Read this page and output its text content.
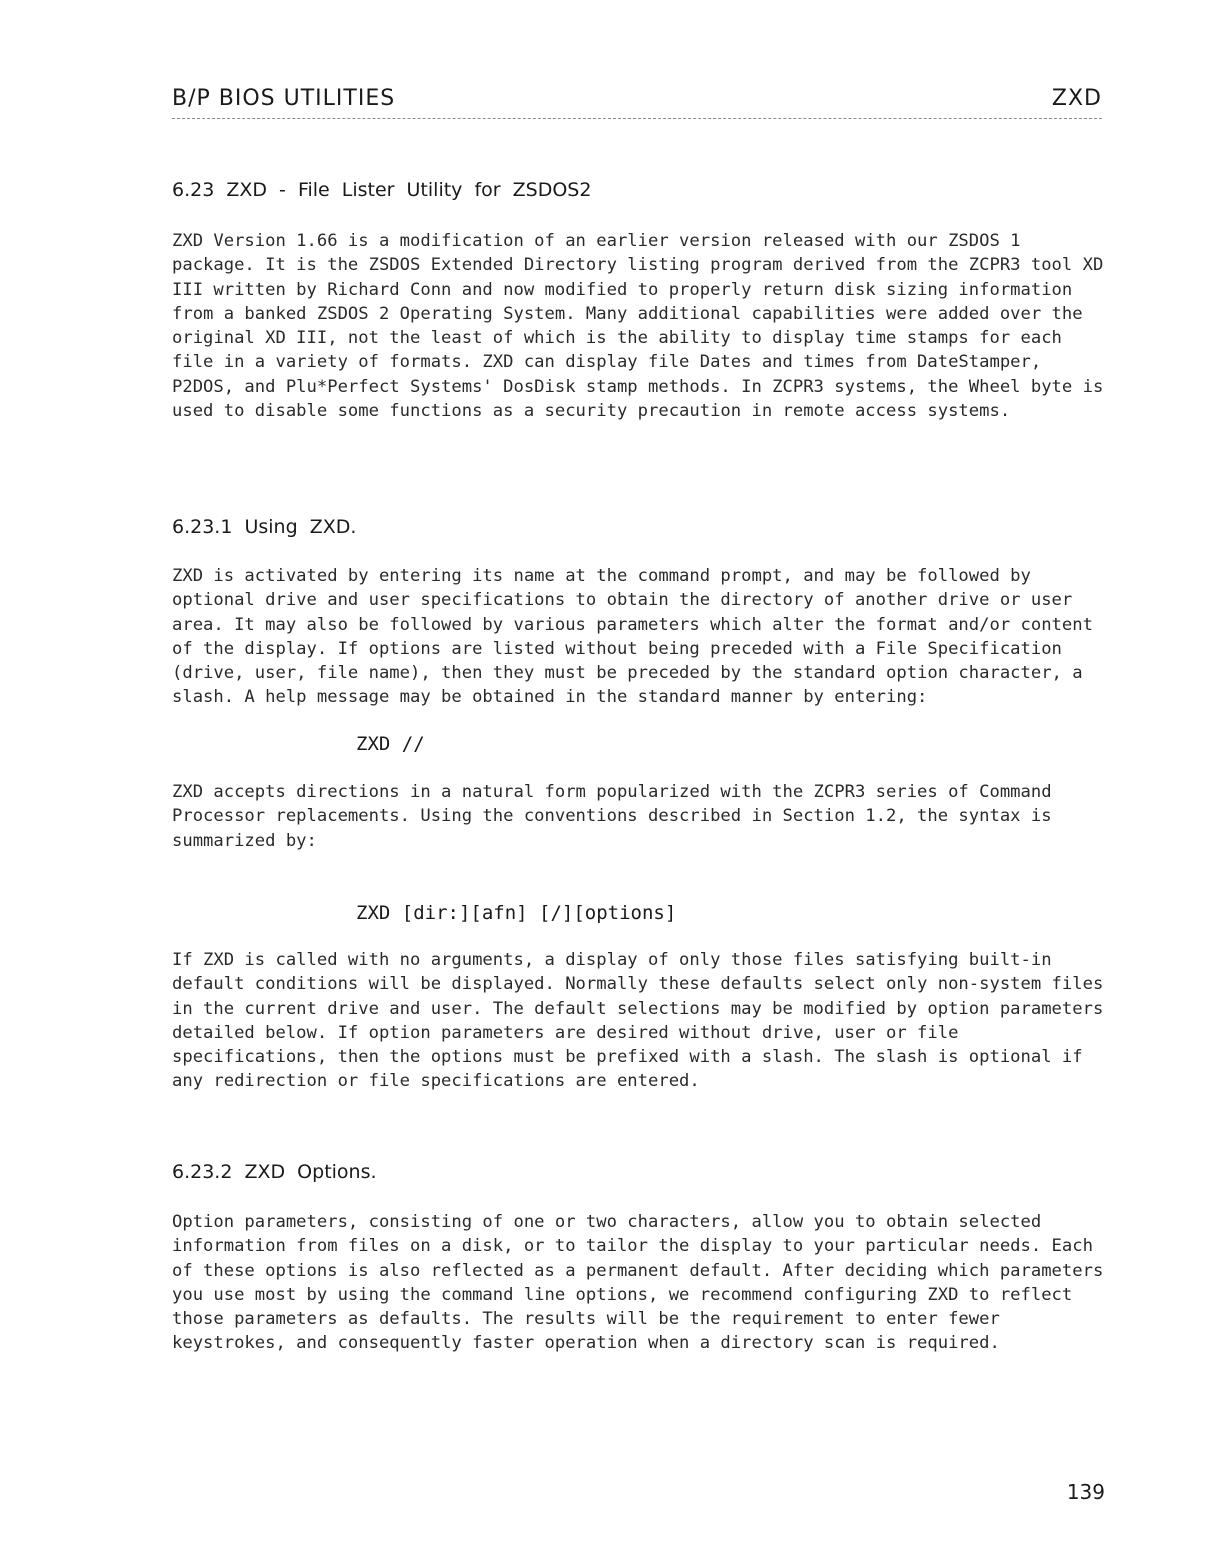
B/P BIOS UTILITIES	ZXD
6.23 ZXD - File Lister Utility for ZSDOS2
ZXD Version 1.66 is a modification of an earlier version released with our ZSDOS 1 package. It is the ZSDOS Extended Directory listing program derived from the ZCPR3 tool XD III written by Richard Conn and now modified to properly return disk sizing information from a banked ZSDOS 2 Operating System. Many additional capabilities were added over the original XD III, not the least of which is the ability to display time stamps for each file in a variety of formats. ZXD can display file Dates and times from DateStamper, P2DOS, and Plu*Perfect Systems' DosDisk stamp methods. In ZCPR3 systems, the Wheel byte is used to disable some functions as a security precaution in remote access systems.
6.23.1 Using ZXD.
ZXD is activated by entering its name at the command prompt, and may be followed by optional drive and user specifications to obtain the directory of another drive or user area. It may also be followed by various parameters which alter the format and/or content of the display. If options are listed without being preceded with a File Specification (drive, user, file name), then they must be preceded by the standard option character, a slash. A help message may be obtained in the standard manner by entering:
ZXD //
ZXD accepts directions in a natural form popularized with the ZCPR3 series of Command Processor replacements. Using the conventions described in Section 1.2, the syntax is summarized by:
ZXD [dir:][afn] [/][options]
If ZXD is called with no arguments, a display of only those files satisfying built-in default conditions will be displayed. Normally these defaults select only non-system files in the current drive and user. The default selections may be modified by option parameters detailed below. If option parameters are desired without drive, user or file specifications, then the options must be prefixed with a slash. The slash is optional if any redirection or file specifications are entered.
6.23.2 ZXD Options.
Option parameters, consisting of one or two characters, allow you to obtain selected information from files on a disk, or to tailor the display to your particular needs. Each of these options is also reflected as a permanent default. After deciding which parameters you use most by using the command line options, we recommend configuring ZXD to reflect those parameters as defaults. The results will be the requirement to enter fewer keystrokes, and consequently faster operation when a directory scan is required.
139
